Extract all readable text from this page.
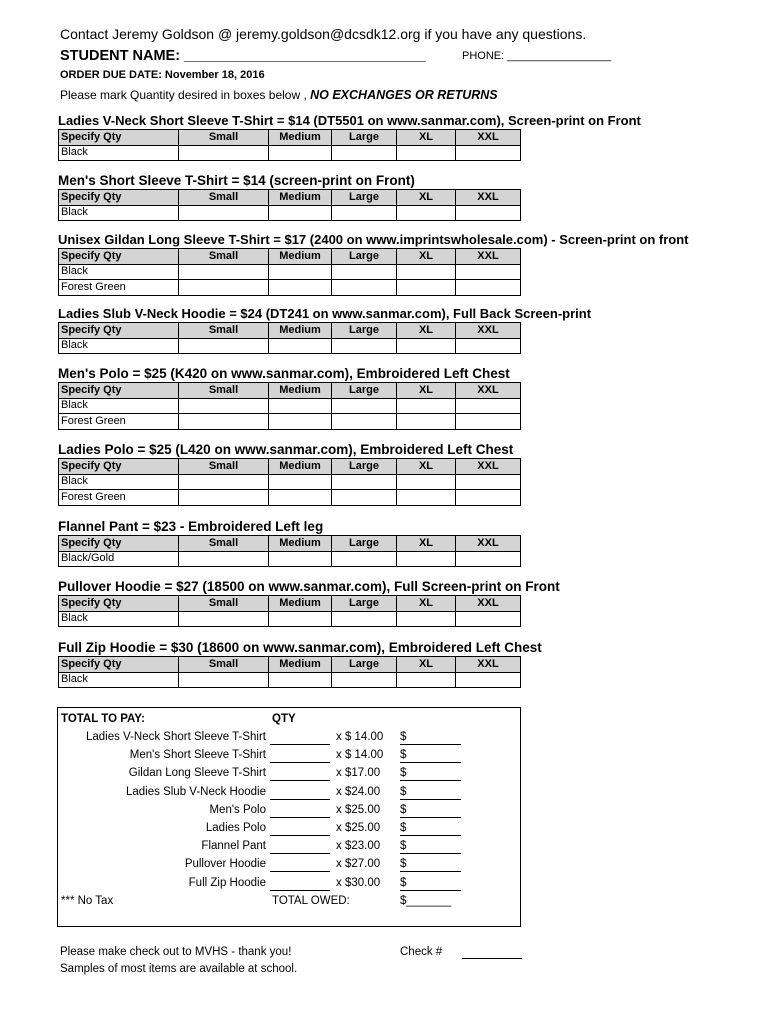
Contact Jeremy Goldson @ jeremy.goldson@dcsdk12.org if you have any questions.
STUDENT NAME: ______________________________	PHONE: _________________
ORDER DUE DATE: November 18, 2016
Please mark Quantity desired in boxes below , NO EXCHANGES OR RETURNS
Ladies V-Neck Short Sleeve T-Shirt = $14 (DT5501 on www.sanmar.com), Screen-print on Front
Specify Qty	Small	Medium	Large	XL	XXL
Black					
Men's Short Sleeve T-Shirt = $14 (screen-print on Front)
Specify Qty	Small	Medium	Large	XL	XXL
Black					
Unisex Gildan Long Sleeve T-Shirt = $17 (2400 on www.imprintswholesale.com) - Screen-print on front
Specify Qty	Small	Medium	Large	XL	XXL
Black					
Forest Green					
Ladies Slub V-Neck Hoodie = $24 (DT241 on www.sanmar.com), Full Back Screen-print
Specify Qty	Small	Medium	Large	XL	XXL
Black					
Men's Polo = $25 (K420 on www.sanmar.com), Embroidered Left Chest
Specify Qty	Small	Medium	Large	XL	XXL
Black					
Forest Green					
Ladies Polo = $25 (L420 on www.sanmar.com), Embroidered Left Chest
Specify Qty	Small	Medium	Large	XL	XXL
Black					
Forest Green					
Flannel Pant = $23 - Embroidered Left leg
Specify Qty	Small	Medium	Large	XL	XXL
Black/Gold					
Pullover Hoodie = $27 (18500 on www.sanmar.com), Full Screen-print on Front
Specify Qty	Small	Medium	Large	XL	XXL
Black					
Full Zip Hoodie = $30 (18600 on www.sanmar.com), Embroidered Left Chest
Specify Qty	Small	Medium	Large	XL	XXL
Black					
TOTAL TO PAY:	QTY
Ladies V-Neck Short Sleeve T-Shirt	x $ 14.00 $
Men's Short Sleeve T-Shirt	x $ 14.00 $
Gildan Long Sleeve T-Shirt	x $17.00 $
Ladies Slub V-Neck Hoodie	x $24.00 $
Men's Polo	x $25.00 $
Ladies Polo	x $25.00 $
Flannel Pant	x $23.00 $
Pullover Hoodie	x $27.00 $
Full Zip Hoodie	x $30.00 $
*** No Tax	TOTAL OWED:	$_______
Please make check out to MVHS - thank you!
Samples of most items are available at school.
Check #
